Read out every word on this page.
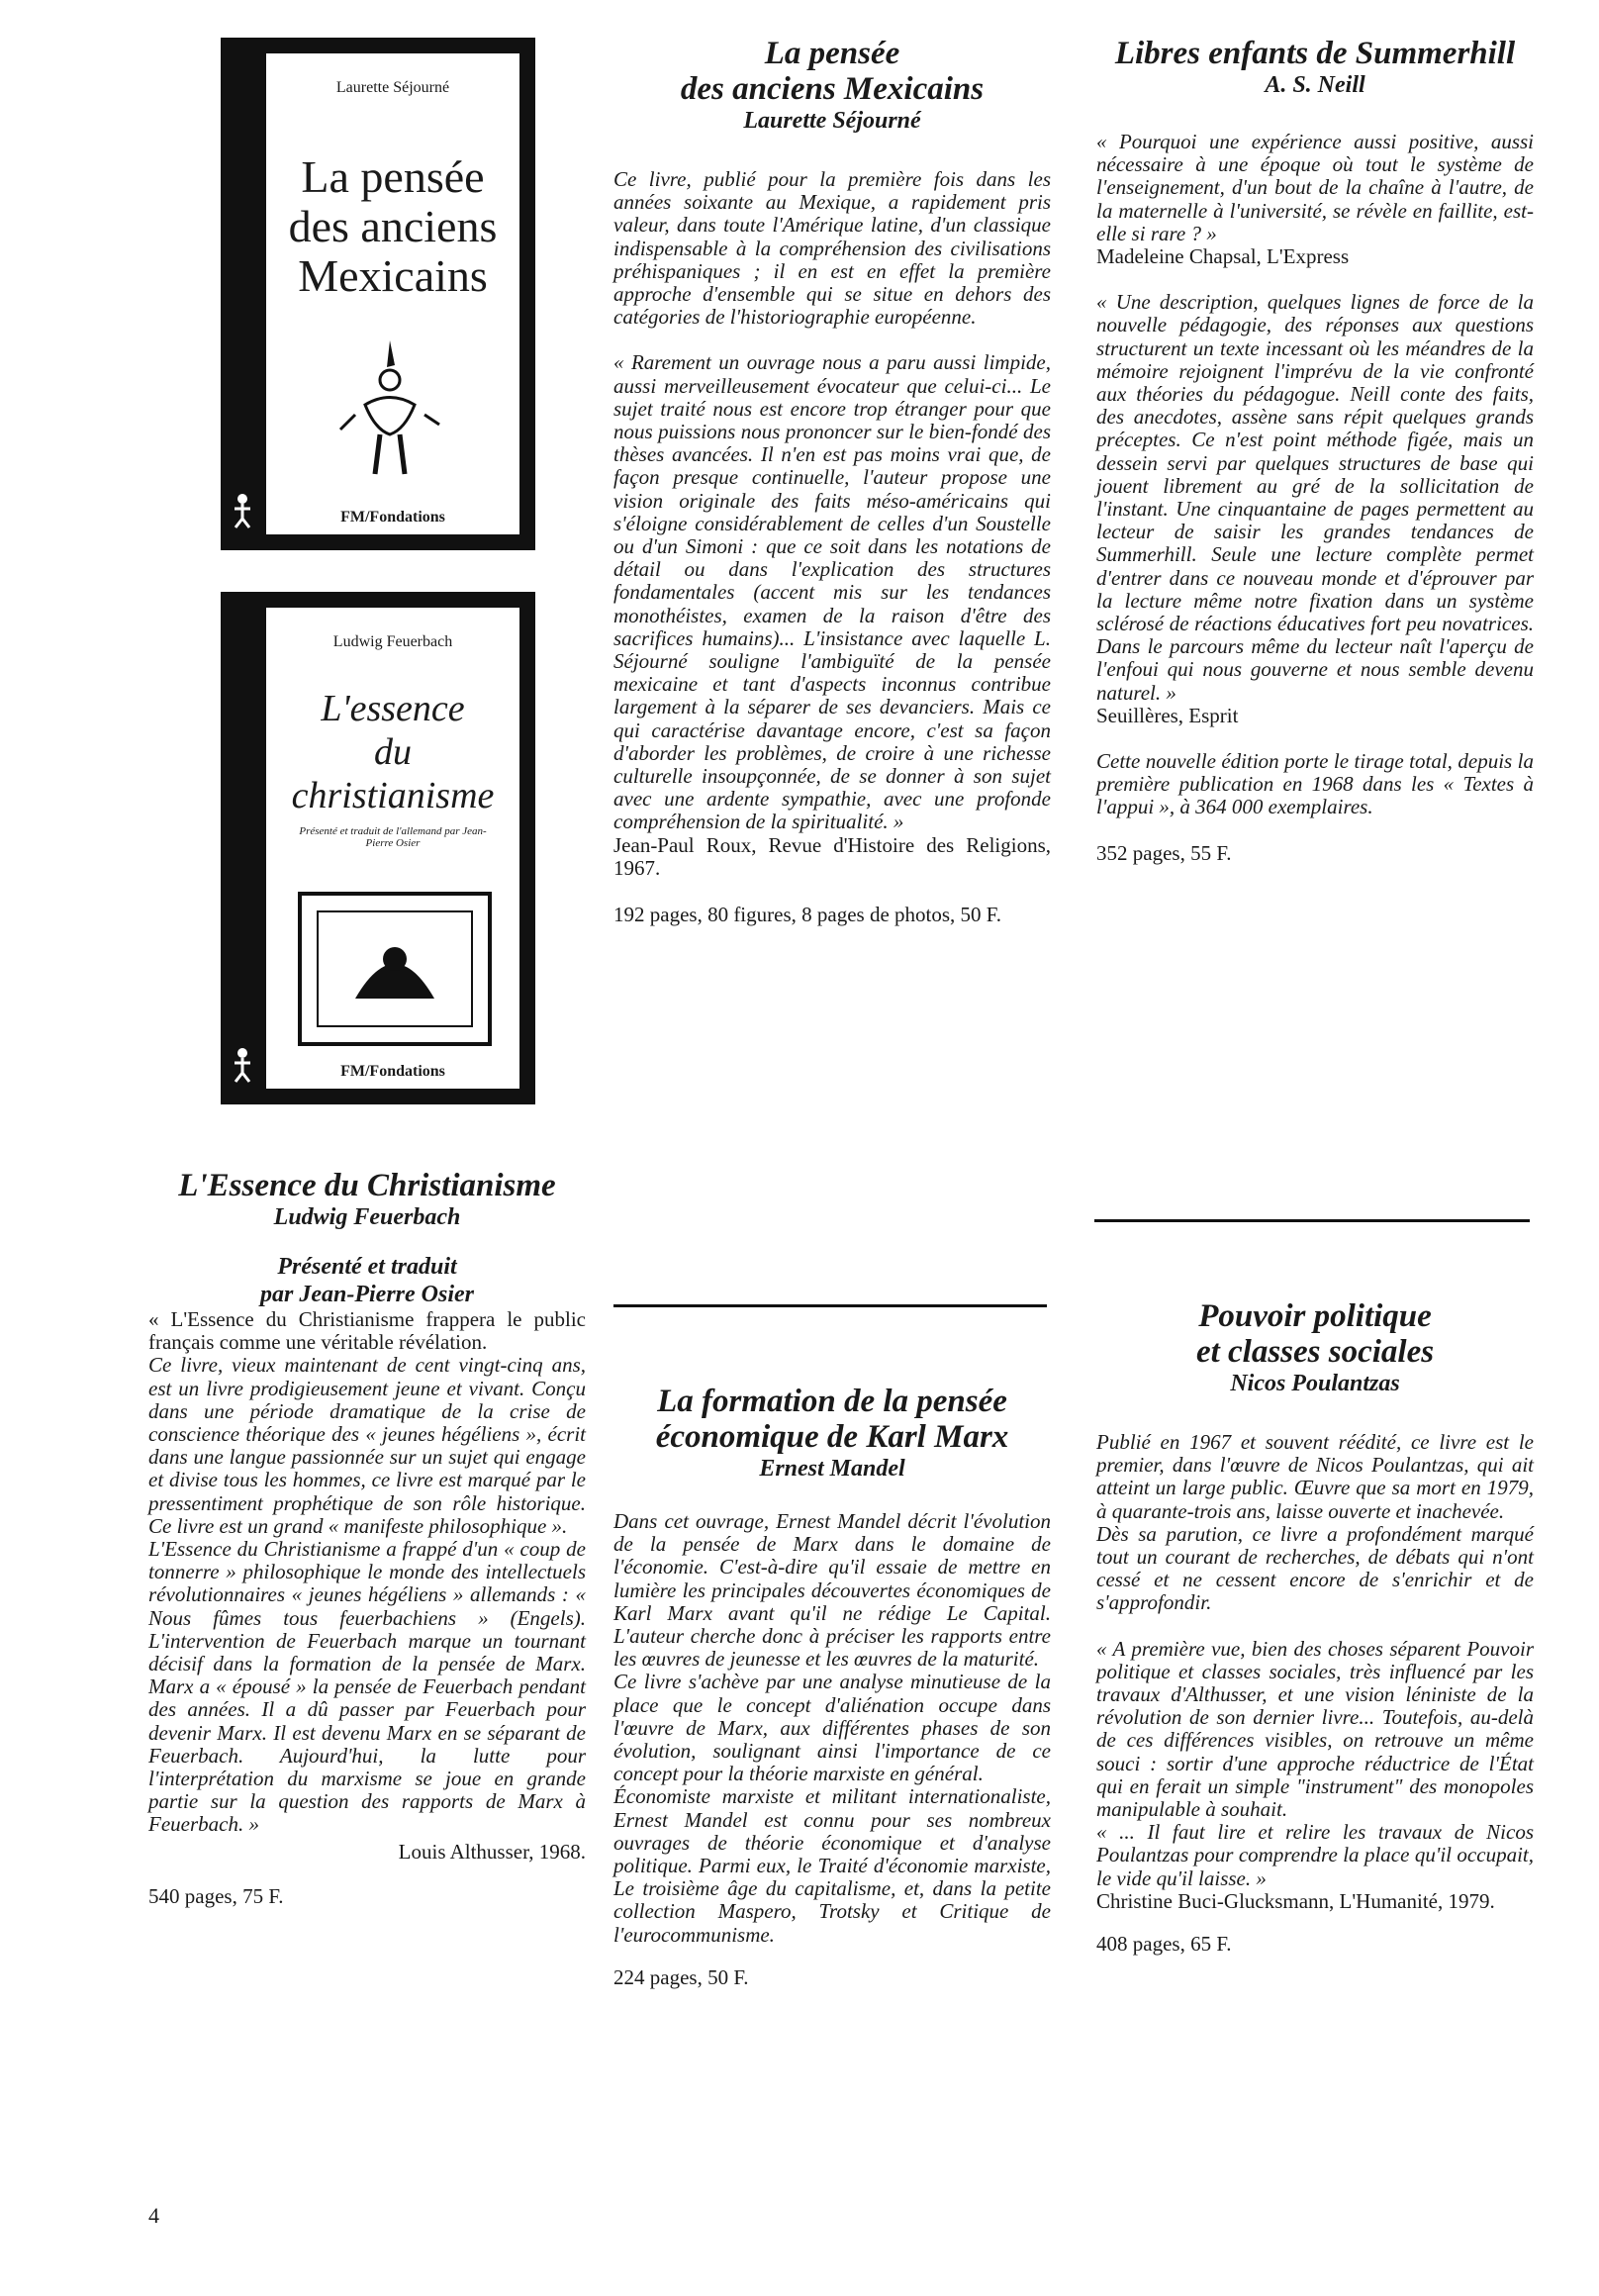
Laurette Séjourné
La pensée
des anciens
Mexicains
FM/Fondations
Ludwig Feuerbach
L'essence
du
christianisme
Présenté et traduit de l'allemand par Jean-Pierre Osier
FM/Fondations
L'Essence du Christianisme
Ludwig Feuerbach
Présenté et traduit
par Jean-Pierre Osier

« L'Essence du Christianisme frappera le public français comme une véritable révélation.

Ce livre, vieux maintenant de cent vingt-cinq ans, est un livre prodigieusement jeune et vivant. Conçu dans une période dramatique de la crise de conscience théorique des « jeunes hégéliens », écrit dans une langue passionnée sur un sujet qui engage et divise tous les hommes, ce livre est marqué par le pressentiment prophétique de son rôle historique. Ce livre est un grand « manifeste philosophique ».

L'Essence du Christianisme a frappé d'un « coup de tonnerre » philosophique le monde des intellectuels révolutionnaires « jeunes hégéliens » allemands : « Nous fûmes tous feuerbachiens » (Engels). L'intervention de Feuerbach marque un tournant décisif dans la formation de la pensée de Marx. Marx a « épousé » la pensée de Feuerbach pendant des années. Il a dû passer par Feuerbach pour devenir Marx. Il est devenu Marx en se séparant de Feuerbach. Aujourd'hui, la lutte pour l'interprétation du marxisme se joue en grande partie sur la question des rapports de Marx à Feuerbach. »

Louis Althusser, 1968.

540 pages, 75 F.

4
La pensée
des anciens Mexicains
Laurette Séjourné

Ce livre, publié pour la première fois dans les années soixante au Mexique, a rapidement pris valeur, dans toute l'Amérique latine, d'un classique indispensable à la compréhension des civilisations préhispaniques ; il en est en effet la première approche d'ensemble qui se situe en dehors des catégories de l'historiographie européenne.

« Rarement un ouvrage nous a paru aussi limpide, aussi merveilleusement évocateur que celui-ci... Le sujet traité nous est encore trop étranger pour que nous puissions nous prononcer sur le bien-fondé des thèses avancées. Il n'en est pas moins vrai que, de façon presque continuelle, l'auteur propose une vision originale des faits méso-américains qui s'éloigne considérablement de celles d'un Soustelle ou d'un Simoni : que ce soit dans les notations de détail ou dans l'explication des structures fondamentales (accent mis sur les tendances monothéistes, examen de la raison d'être des sacrifices humains)... L'insistance avec laquelle L. Séjourné souligne l'ambiguïté de la pensée mexicaine et tant d'aspects inconnus contribue largement à la séparer de ses devanciers. Mais ce qui caractérise davantage encore, c'est sa façon d'aborder les problèmes, de croire à une richesse culturelle insoupçonnée, de se donner à son sujet avec une ardente sympathie, avec une profonde compréhension de la spiritualité. »

Jean-Paul Roux, Revue d'Histoire des Religions, 1967.

192 pages, 80 figures, 8 pages de photos, 50 F.

La formation de la pensée
économique de Karl Marx
Ernest Mandel

Dans cet ouvrage, Ernest Mandel décrit l'évolution de la pensée de Marx dans le domaine de l'économie. C'est-à-dire qu'il essaie de mettre en lumière les principales découvertes économiques de Karl Marx avant qu'il ne rédige Le Capital. L'auteur cherche donc à préciser les rapports entre les œuvres de jeunesse et les œuvres de la maturité.

Ce livre s'achève par une analyse minutieuse de la place que le concept d'aliénation occupe dans l'œuvre de Marx, aux différentes phases de son évolution, soulignant ainsi l'importance de ce concept pour la théorie marxiste en général.

Économiste marxiste et militant internationaliste, Ernest Mandel est connu pour ses nombreux ouvrages de théorie économique et d'analyse politique. Parmi eux, le Traité d'économie marxiste, Le troisième âge du capitalisme, et, dans la petite collection Maspero, Trotsky et Critique de l'eurocommunisme.

224 pages, 50 F.

Libres enfants de Summerhill
A. S. Neill

« Pourquoi une expérience aussi positive, aussi nécessaire à une époque où tout le système de l'enseignement, d'un bout de la chaîne à l'autre, de la maternelle à l'université, se révèle en faillite, est-elle si rare ? »

Madeleine Chapsal, L'Express

« Une description, quelques lignes de force de la nouvelle pédagogie, des réponses aux questions structurent un texte incessant où les méandres de la mémoire rejoignent l'imprévu de la vie confronté aux théories du pédagogue. Neill conte des faits, des anecdotes, assène sans répit quelques grands préceptes. Ce n'est point méthode figée, mais un dessein servi par quelques structures de base qui jouent librement au gré de la sollicitation de l'instant. Une cinquantaine de pages permettent au lecteur de saisir les grandes tendances de Summerhill. Seule une lecture complète permet d'entrer dans ce nouveau monde et d'éprouver par la lecture même notre fixation dans un système sclérosé de réactions éducatives fort peu novatrices. Dans le parcours même du lecteur naît l'aperçu de l'enfoui qui nous gouverne et nous semble devenu naturel. »

Seuillères, Esprit

Cette nouvelle édition porte le tirage total, depuis la première publication en 1968 dans les « Textes à l'appui », à 364 000 exemplaires.

352 pages, 55 F.

Pouvoir politique
et classes sociales
Nicos Poulantzas

Publié en 1967 et souvent réédité, ce livre est le premier, dans l'œuvre de Nicos Poulantzas, qui ait atteint un large public. Œuvre que sa mort en 1979, à quarante-trois ans, laisse ouverte et inachevée.

Dès sa parution, ce livre a profondément marqué tout un courant de recherches, de débats qui n'ont cessé et ne cessent encore de s'enrichir et de s'approfondir.

« A première vue, bien des choses séparent Pouvoir politique et classes sociales, très influencé par les travaux d'Althusser, et une vision léniniste de la révolution de son dernier livre... Toutefois, au-delà de ces différences visibles, on retrouve un même souci : sortir d'une approche réductrice de l'État qui en ferait un simple "instrument" des monopoles manipulable à souhait.

« ... Il faut lire et relire les travaux de Nicos Poulantzas pour comprendre la place qu'il occupait, le vide qu'il laisse. »

Christine Buci-Glucksmann, L'Humanité, 1979.

408 pages, 65 F.
